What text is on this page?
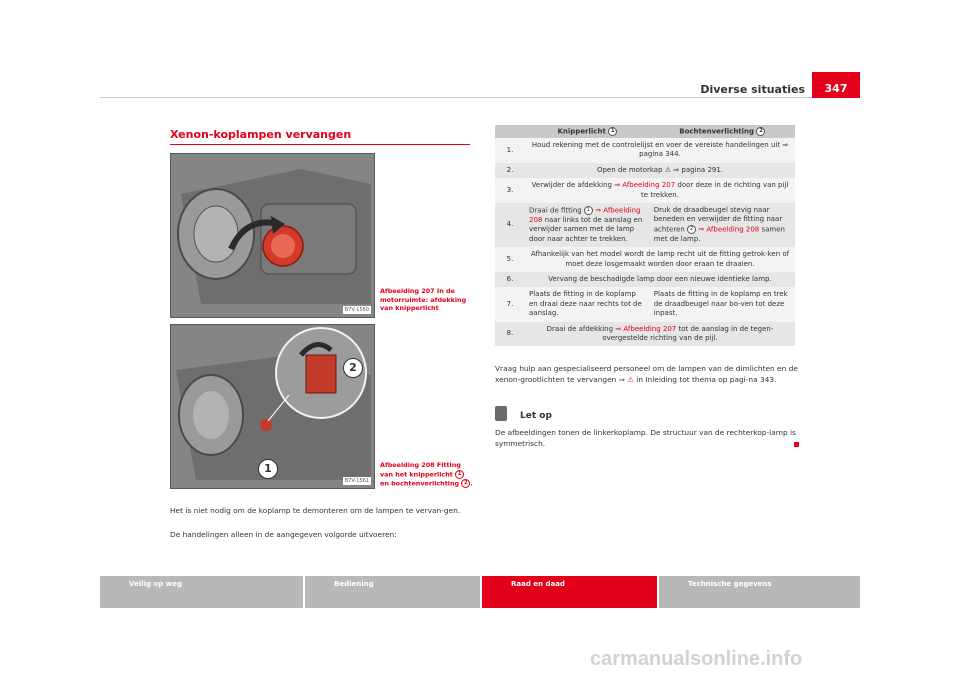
Diverse situaties	347
Xenon-koplampen vervangen
B7V-1560
Afbeelding 207 In de motorruimte: afdekking van knipperlicht
1
2
B7V-1561
Afbeelding 208 Fitting van het knipperlicht 1 en bochtenverlichting 2 .
Het is niet nodig om de koplamp te demonteren om de lampen te vervan-gen.
De handelingen alleen in de aangegeven volgorde uitvoeren:
	Knipperlicht 1	Bochtenverlichting 2
1.	Houd rekening met de controlelijst en voer de vereiste handelingen uit ⇒ pagina 344.	
2.	Open de motorkap ⚠ ⇒ pagina 291.	
3.	Verwijder de afdekking ⇒ Afbeelding 207 door deze in de richting van pijl te trekken.	
4.	Draai de fitting 1 ⇒ Afbeelding 208 naar links tot de aanslag en verwijder samen met de lamp door naar achter te trekken.	Druk de draadbeugel stevig naar beneden en verwijder de fitting naar achteren 2 ⇒ Afbeelding 208 samen met de lamp.
5.	Afhankelijk van het model wordt de lamp recht uit de fitting getrok-ken of moet deze losgemaakt worden door eraan te draaien.	
6.	Vervang de beschadigde lamp door een nieuwe identieke lamp.	
7.	Plaats de fitting in de koplamp en draai deze naar rechts tot de aanslag.	Plaats de fitting in de koplamp en trek de draadbeugel naar bo-ven tot deze inpast.
8.	Draai de afdekking ⇒ Afbeelding 207 tot de aanslag in de tegen-overgestelde richting van de pijl.	
Vraag hulp aan gespecialiseerd personeel om de lampen van de dimlichten en de xenon-grootlichten te vervangen ⇒ ⚠ in Inleiding tot thema op pagi-na 343.
Let op
De afbeeldingen tonen de linkerkoplamp. De structuur van de rechterkop-lamp is symmetrisch.
Veilig op weg	Bediening	Raad en daad	Technische gegevens
carmanualsonline.info
